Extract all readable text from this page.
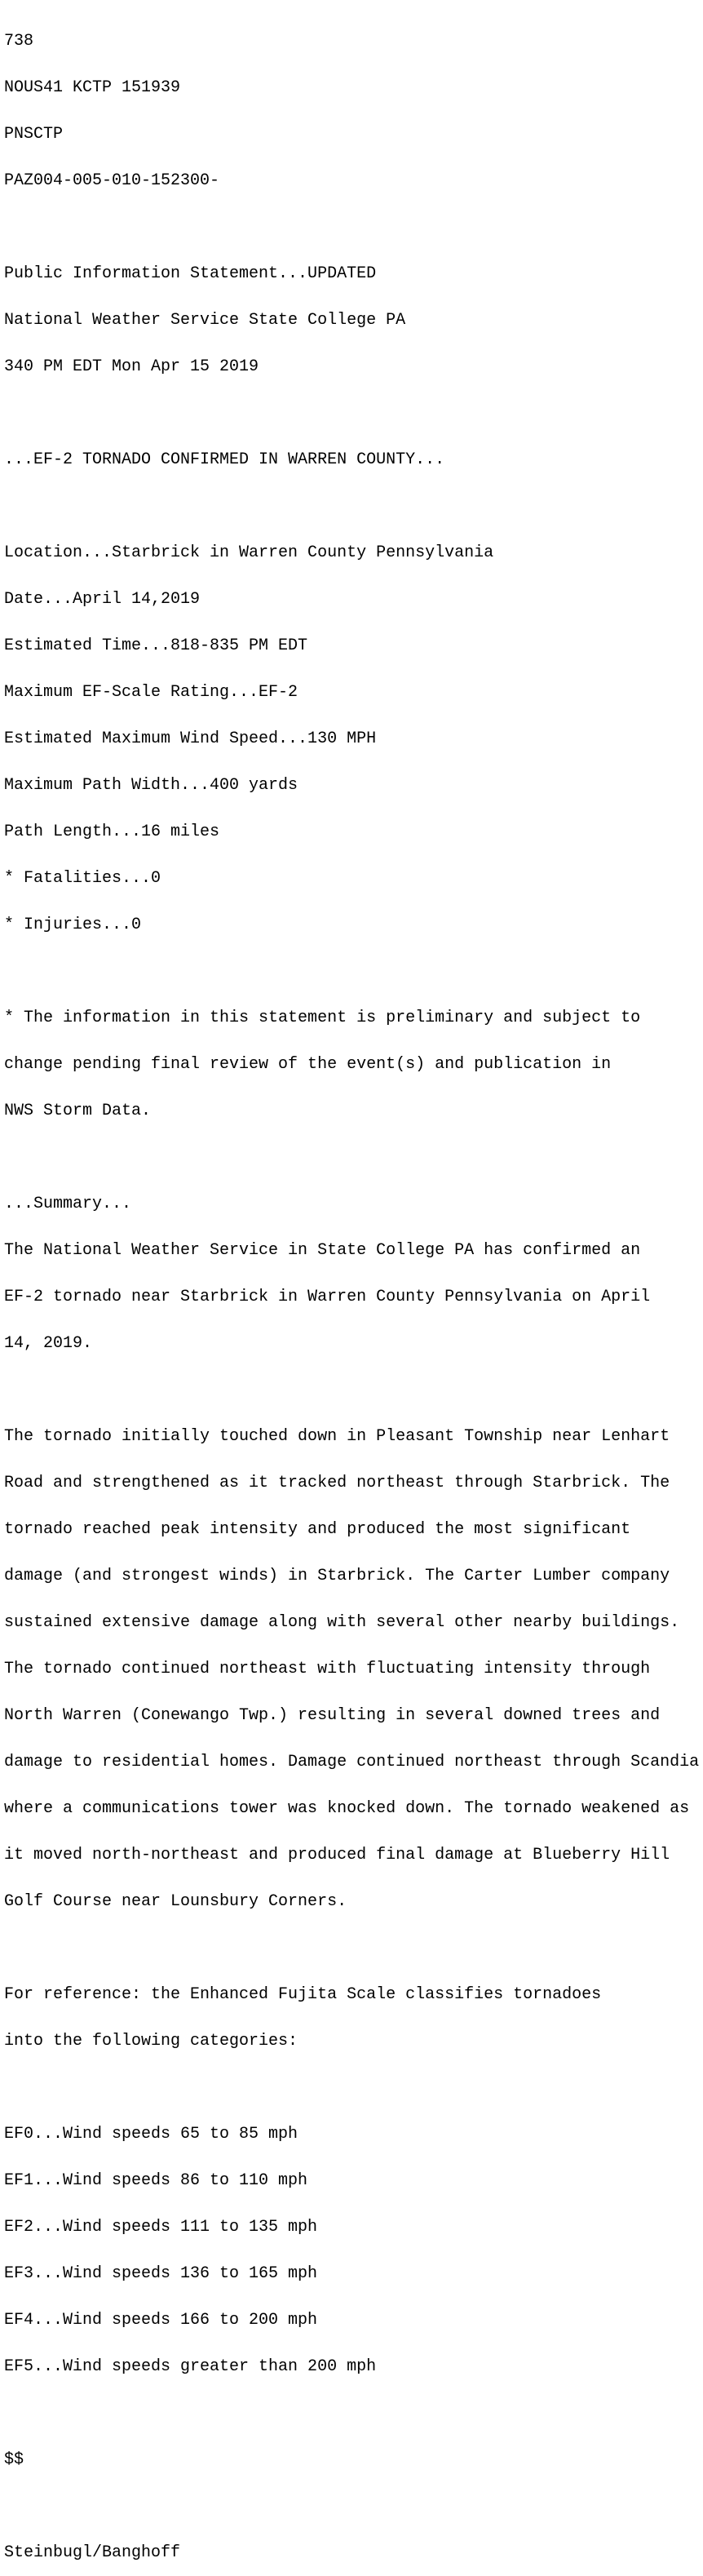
738

NOUS41 KCTP 151939

PNSCTP

PAZ004-005-010-152300-

Public Information Statement...UPDATED

National Weather Service State College PA

340 PM EDT Mon Apr 15 2019

...EF-2 TORNADO CONFIRMED IN WARREN COUNTY...

Location...Starbrick in Warren County Pennsylvania

Date...April 14,2019

Estimated Time...818-835 PM EDT

Maximum EF-Scale Rating...EF-2

Estimated Maximum Wind Speed...130 MPH

Maximum Path Width...400 yards

Path Length...16 miles

* Fatalities...0

* Injuries...0

* The information in this statement is preliminary and subject to

change pending final review of the event(s) and publication in

NWS Storm Data.

...Summary...

The National Weather Service in State College PA has confirmed an

EF-2 tornado near Starbrick in Warren County Pennsylvania on April

14, 2019.

The tornado initially touched down in Pleasant Township near Lenhart

Road and strengthened as it tracked northeast through Starbrick. The

tornado reached peak intensity and produced the most significant

damage (and strongest winds) in Starbrick. The Carter Lumber company

sustained extensive damage along with several other nearby buildings.

The tornado continued northeast with fluctuating intensity through

North Warren (Conewango Twp.) resulting in several downed trees and

damage to residential homes. Damage continued northeast through Scandia

where a communications tower was knocked down. The tornado weakened as

it moved north-northeast and produced final damage at Blueberry Hill

Golf Course near Lounsbury Corners.

For reference: the Enhanced Fujita Scale classifies tornadoes

into the following categories:

EF0...Wind speeds 65 to 85 mph

EF1...Wind speeds 86 to 110 mph

EF2...Wind speeds 111 to 135 mph

EF3...Wind speeds 136 to 165 mph

EF4...Wind speeds 166 to 200 mph

EF5...Wind speeds greater than 200 mph

$$

Steinbugl/Banghoff
